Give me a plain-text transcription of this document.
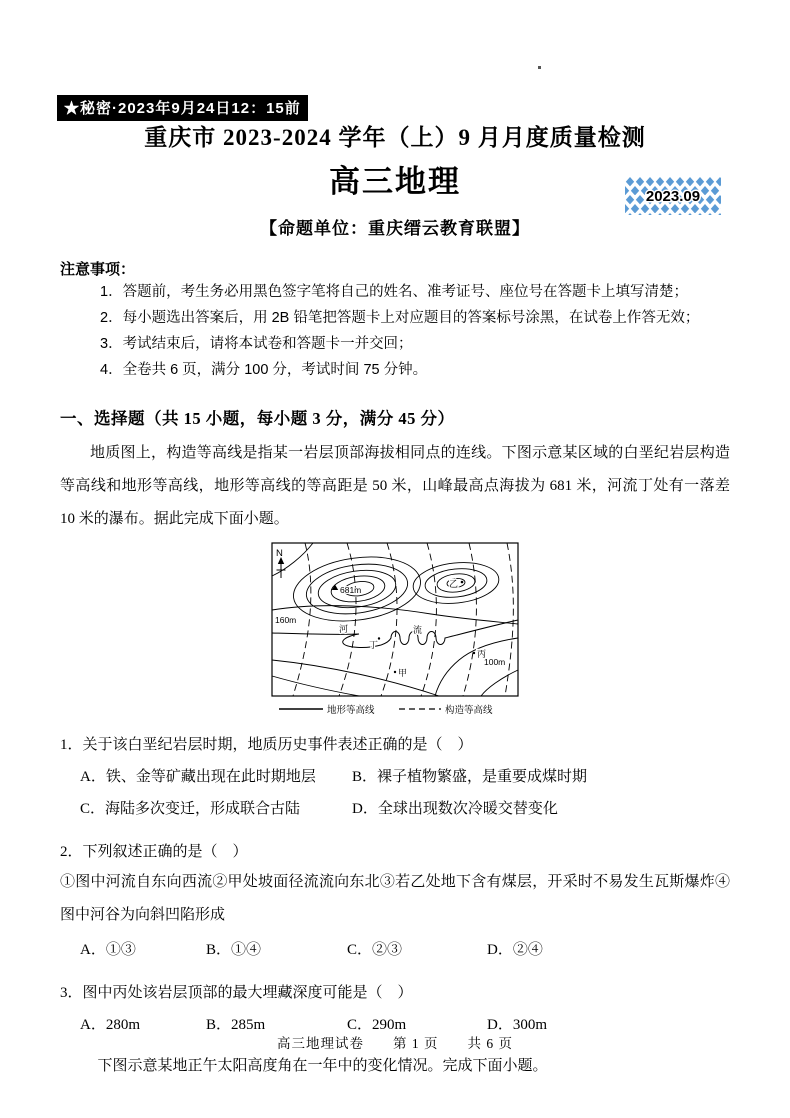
★秘密·2023年9月24日12：15前
重庆市 2023-2024 学年（上）9 月月度质量检测
高三地理	2023.09
【命题单位：重庆缙云教育联盟】
注意事项：
1．答题前，考生务必用黑色签字笔将自己的姓名、准考证号、座位号在答题卡上填写清楚；
2．每小题选出答案后，用 2B 铅笔把答题卡上对应题目的答案标号涂黑，在试卷上作答无效；
3．考试结束后，请将本试卷和答题卡一并交回；
4．全卷共 6 页，满分 100 分，考试时间 75 分钟。
一、选择题（共 15 小题，每小题 3 分，满分 45 分）

地质图上，构造等高线是指某一岩层顶部海拔相同点的连线。下图示意某区域的白垩纪岩层构造等高线和地形等高线，地形等高线的等高距是 50 米，山峰最高点海拔为 681 米，河流丁处有一落差 10 米的瀑布。据此完成下面小题。

681m
乙
160m
河
丁
流
丙
100m
甲
N
地形等高线	构造等高线
1．关于该白垩纪岩层时期，地质历史事件表述正确的是（　）
A．铁、金等矿藏出现在此时期地层	B．裸子植物繁盛，是重要成煤时期
C．海陆多次变迁，形成联合古陆	D．全球出现数次冷暖交替变化
2．下列叙述正确的是（　）

①图中河流自东向西流②甲处坡面径流流向东北③若乙处地下含有煤层，开采时不易发生瓦斯爆炸④图中河谷为向斜凹陷形成

A．①③	B．①④	C．②③	D．②④
3．图中丙处该岩层顶部的最大埋藏深度可能是（　）
A．280m	B．285m	C．290m	D．300m

下图示意某地正午太阳高度角在一年中的变化情况。完成下面小题。

高三地理试卷　　第 1 页　　共 6 页
